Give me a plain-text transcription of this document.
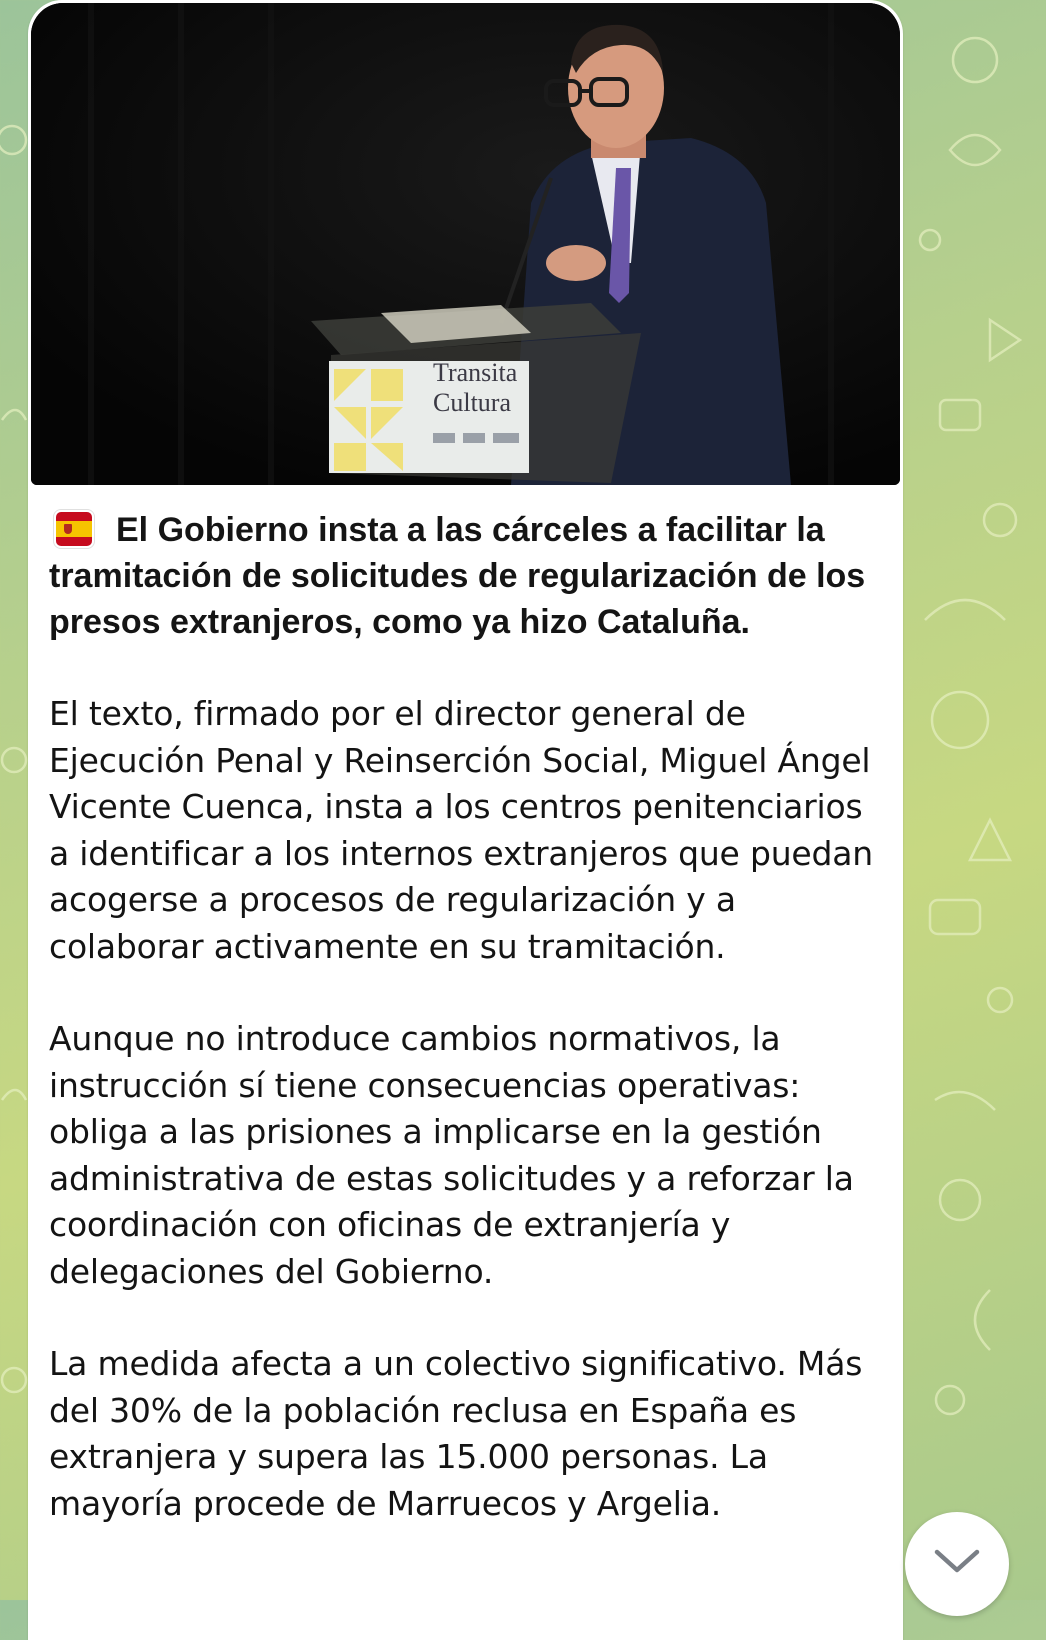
Transita
Cultura

El Gobierno insta a las cárceles a facilitar la tramitación de solicitudes de regularización de los presos extranjeros, como ya hizo Cataluña.

El texto, firmado por el director general de Ejecución Penal y Reinserción Social, Miguel Ángel Vicente Cuenca, insta a los centros penitenciarios a identificar a los internos extranjeros que puedan acogerse a procesos de regularización y a colaborar activamente en su tramitación.

Aunque no introduce cambios normativos, la instrucción sí tiene consecuencias operativas: obliga a las prisiones a implicarse en la gestión administrativa de estas solicitudes y a reforzar la coordinación con oficinas de extranjería y delegaciones del Gobierno.

La medida afecta a un colectivo significativo. Más del 30% de la población reclusa en España es extranjera y supera las 15.000 personas. La mayoría procede de Marruecos y Argelia.
